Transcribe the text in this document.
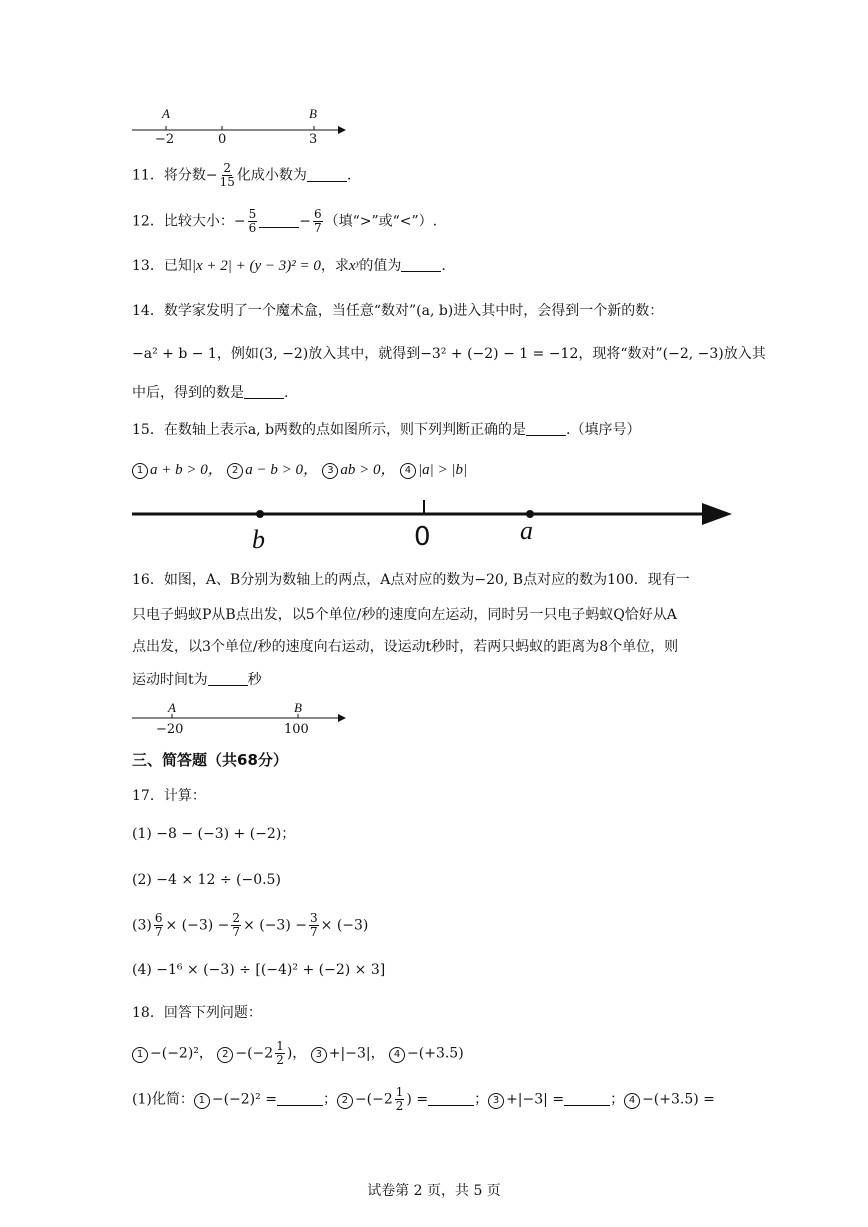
A	B
−2	0	3
11．将分数− $\frac{2}{15}$ 化成小数为	.
12．比较大小：− $\frac{5}{6}$	− $\frac{6}{7}$ （填“>”或“<”）.
13．已知|x + 2| + (y − 3)² = 0，求xʸ的值为	.
14．数学家发明了一个魔术盒，当任意“数对”(a, b)进入其中时，会得到一个新的数：
−a² + b − 1，例如(3, −2)放入其中，就得到−3² + (−2) − 1 = −12，现将“数对”(−2, −3)放入其
中后，得到的数是	.
15．在数轴上表示a, b两数的点如图所示，则下列判断正确的是	.（填序号）
1 a + b > 0， 2 a − b > 0， 3 ab > 0， 4 |a| > |b|
b	0	a
16．如图，A、B分别为数轴上的两点，A点对应的数为−20, B点对应的数为100．现有一
只电子蚂蚁P从B点出发，以5个单位/秒的速度向左运动，同时另一只电子蚂蚁Q恰好从A
点出发，以3个单位/秒的速度向右运动，设运动t秒时，若两只蚂蚁的距离为8个单位，则
运动时间t为	秒
A	B
−20	100
三、简答题（共68分）
17．计算：
(1) −8 − (−3) + (−2)；
(2) −4 × 12 ÷ (−0.5)
$(3) \frac{6}{7} \times (-3) - \frac{2}{7} \times (-3) - \frac{3}{7} \times (-3)$
(4) −1⁶ × (−3) ÷ [(−4)² + (−2) × 3]
18．回答下列问题：
1 −(−2)²， $2 -(-2 \frac{1}{2}$ )， 3 +|−3|， 4 −(+3.5)
(1)化简： 1 −(−2)² =	； $2 -(-2 \frac{1}{2}$ ) =	； 3 +|−3| =	； 4 −(+3.5) =
试卷第 2 页，共 5 页
